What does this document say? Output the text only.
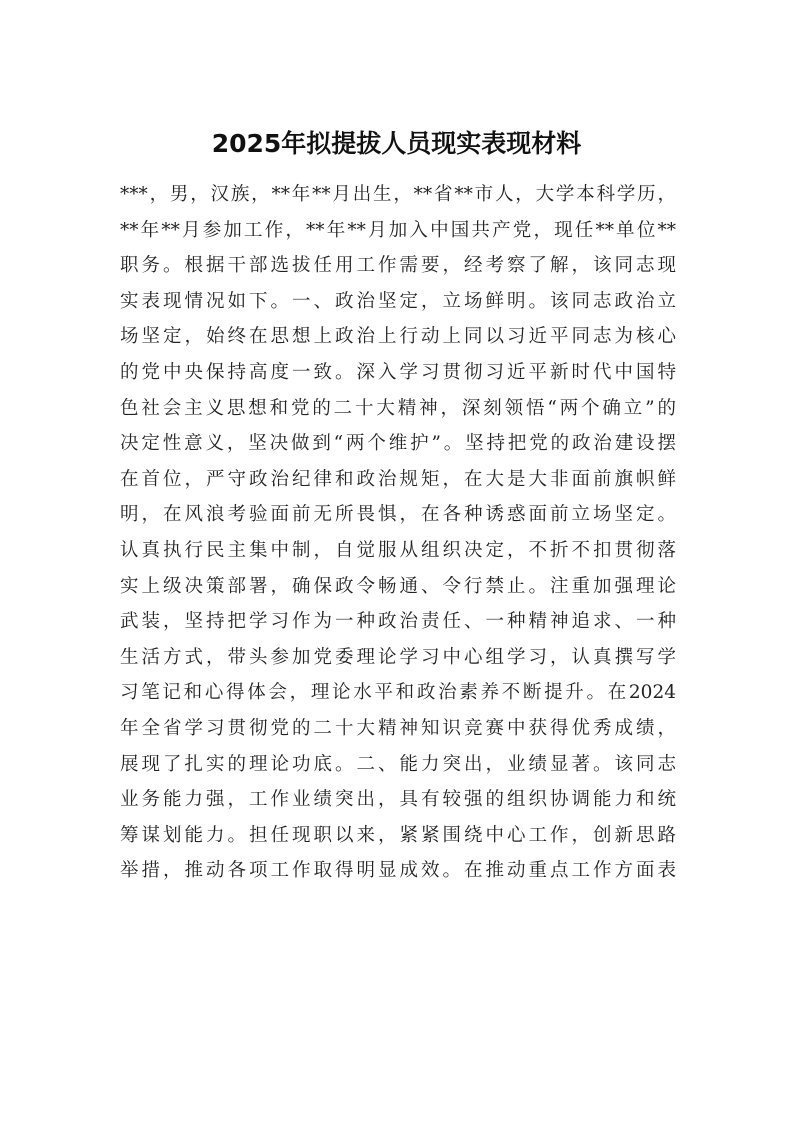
2025年拟提拔人员现实表现材料
***，男，汉族，**年**月出生，**省**市人，大学本科学历，
**年**月参加工作，**年**月加入中国共产党，现任**单位**
职务。根据干部选拔任用工作需要，经考察了解，该同志现
实表现情况如下。一、政治坚定，立场鲜明。该同志政治立
场坚定，始终在思想上政治上行动上同以习近平同志为核心
的党中央保持高度一致。深入学习贯彻习近平新时代中国特
色社会主义思想和党的二十大精神，深刻领悟“两个确立”的
决定性意义，坚决做到“两个维护”。坚持把党的政治建设摆
在首位，严守政治纪律和政治规矩，在大是大非面前旗帜鲜
明，在风浪考验面前无所畏惧，在各种诱惑面前立场坚定。
认真执行民主集中制，自觉服从组织决定，不折不扣贯彻落
实上级决策部署，确保政令畅通、令行禁止。注重加强理论
武装，坚持把学习作为一种政治责任、一种精神追求、一种
生活方式，带头参加党委理论学习中心组学习，认真撰写学
习笔记和心得体会，理论水平和政治素养不断提升。在2024
年全省学习贯彻党的二十大精神知识竞赛中获得优秀成绩，
展现了扎实的理论功底。二、能力突出，业绩显著。该同志
业务能力强，工作业绩突出，具有较强的组织协调能力和统
筹谋划能力。担任现职以来，紧紧围绕中心工作，创新思路
举措，推动各项工作取得明显成效。在推动重点工作方面表
